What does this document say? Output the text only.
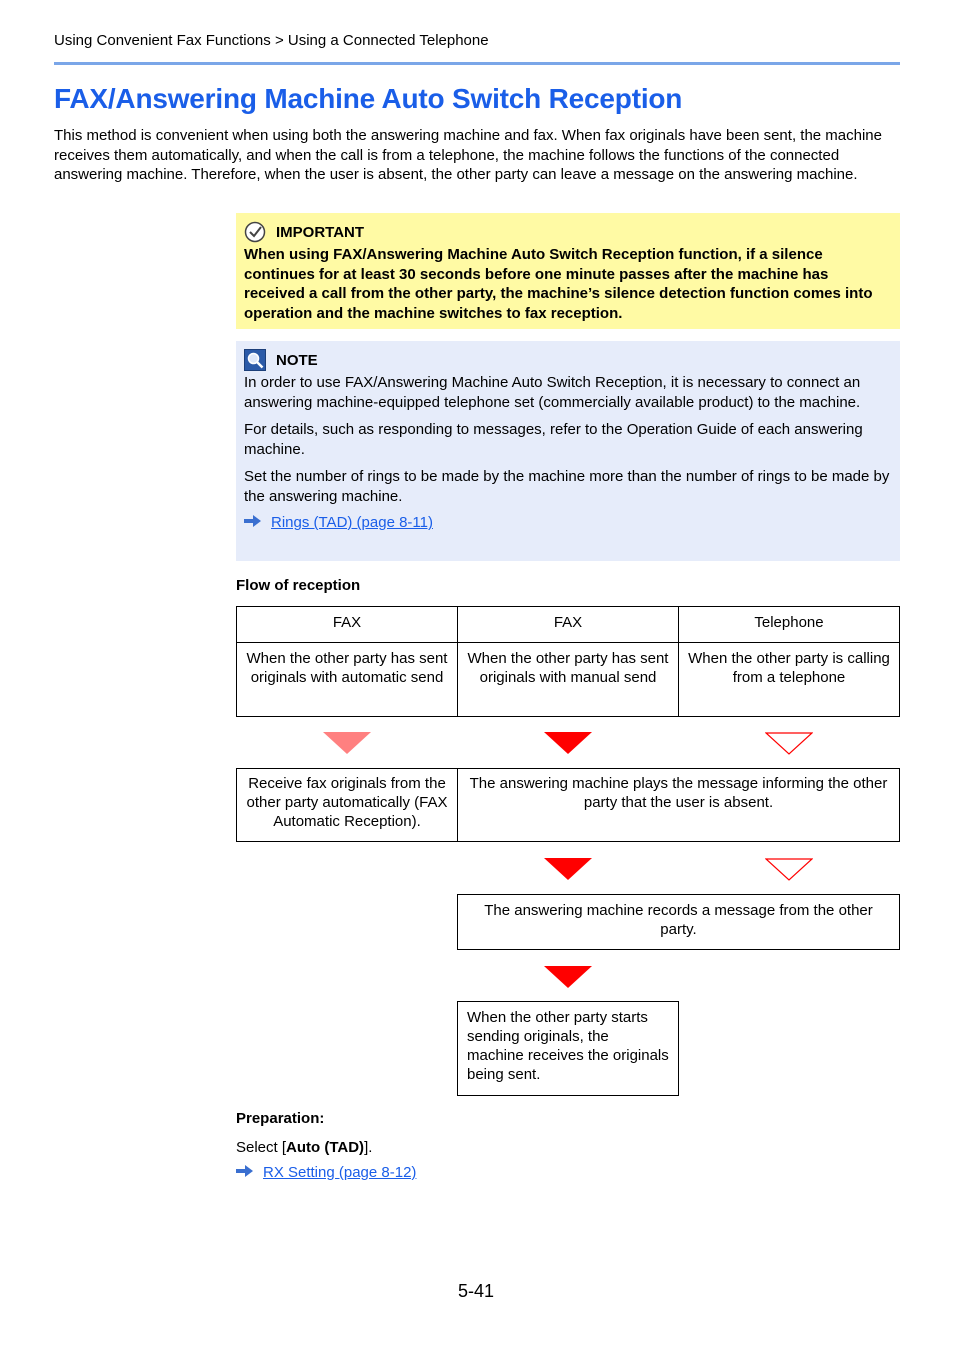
Using Convenient Fax Functions > Using a Connected Telephone
FAX/Answering Machine Auto Switch Reception

This method is convenient when using both the answering machine and fax. When fax originals have been sent, the machine receives them automatically, and when the call is from a telephone, the machine follows the functions of the connected answering machine. Therefore, when the user is absent, the other party can leave a message on the answering machine.

IMPORTANT
When using FAX/Answering Machine Auto Switch Reception function, if a silence continues for at least 30 seconds before one minute passes after the machine has received a call from the other party, the machine’s silence detection function comes into operation and the machine switches to fax reception.
NOTE

In order to use FAX/Answering Machine Auto Switch Reception, it is necessary to connect an answering machine-equipped telephone set (commercially available product) to the machine.

For details, such as responding to messages, refer to the Operation Guide of each answering machine.

Set the number of rings to be made by the machine more than the number of rings to be made by the answering machine.

Rings (TAD) (page 8-11)
Flow of reception
FAX	FAX	Telephone
When the other party has sent originals with automatic send	When the other party has sent originals with manual send	When the other party is calling from a telephone
Receive fax originals from the other party automatically (FAX Automatic Reception).
The answering machine plays the message informing the other party that the user is absent.
The answering machine records a message from the other party.
When the other party starts sending originals, the machine receives the originals being sent.
Preparation:
Select [Auto (TAD)].
RX Setting (page 8-12)
5-41
